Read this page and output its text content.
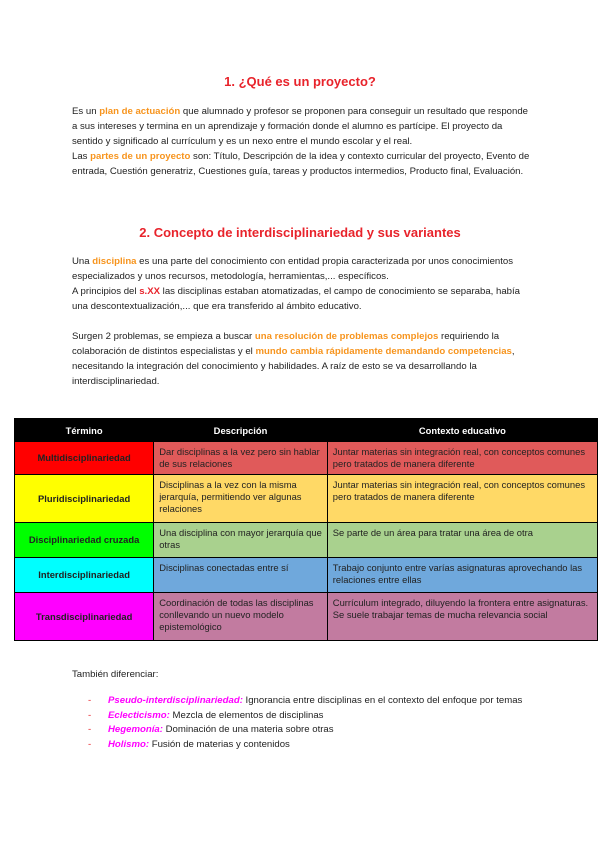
1. ¿Qué es un proyecto?

Es un plan de actuación que alumnado y profesor se proponen para conseguir un resultado que responde a sus intereses y termina en un aprendizaje y formación donde el alumno es partícipe. El proyecto da sentido y significado al currículum y es un nexo entre el mundo escolar y el real.
Las partes de un proyecto son: Título, Descripción de la idea y contexto curricular del proyecto, Evento de entrada, Cuestión generatriz, Cuestiones guía, tareas y productos intermedios, Producto final, Evaluación.

2. Concepto de interdisciplinariedad y sus variantes

Una disciplina es una parte del conocimiento con entidad propia caracterizada por unos conocimientos especializados y unos recursos, metodología, herramientas,... específicos.
A principios del s.XX las disciplinas estaban atomatizadas, el campo de conocimiento se separaba, había una descontextualización,... que era transferido al ámbito educativo.

Surgen 2 problemas, se empieza a buscar una resolución de problemas complejos requiriendo la colaboración de distintos especialistas y el mundo cambia rápidamente demandando competencias, necesitando la integración del conocimiento y habilidades. A raíz de esto se va desarrollando la interdisciplinariedad.

Término	Descripción	Contexto educativo
Multidisciplinariedad	Dar disciplinas a la vez pero sin hablar de sus relaciones	Juntar materias sin integración real, con conceptos comunes pero tratados de manera diferente
Pluridisciplinariedad	Disciplinas a la vez con la misma jerarquía, permitiendo ver algunas relaciones	Juntar materias sin integración real, con conceptos comunes pero tratados de manera diferente
Disciplinariedad cruzada	Una disciplina con mayor jerarquía que otras	Se parte de un área para tratar una área de otra
Interdisciplinariedad	Disciplinas conectadas entre sí	Trabajo conjunto entre varías asignaturas aprovechando las relaciones entre ellas
Transdisciplinariedad	Coordinación de todas las disciplinas conllevando un nuevo modelo epistemológico	Currículum integrado, diluyendo la frontera entre asignaturas. Se suele trabajar temas de mucha relevancia social
También diferenciar:
- Pseudo-interdisciplinariedad: Ignorancia entre disciplinas en el contexto del enfoque por temas
- Eclecticismo: Mezcla de elementos de disciplinas
- Hegemonía: Dominación de una materia sobre otras
- Holismo: Fusión de materias y contenidos
